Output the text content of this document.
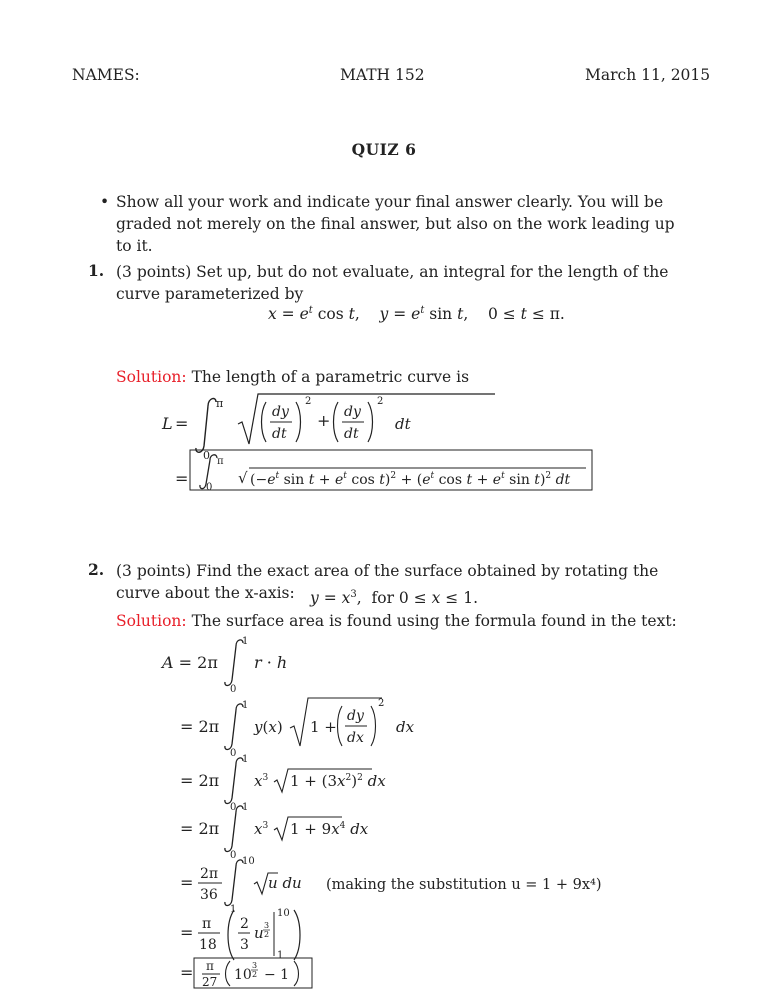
NAMES:	MATH 152	March 11, 2015
QUIZ 6
• Show all your work and indicate your final answer clearly. You will be graded not merely on the final answer, but also on the work leading up to it.
1. (3 points) Set up, but do not evaluate, an integral for the length of the curve parameterized by
$x = e^t$ cos t,    $y = e^t$ sin t,    0 ≤ t ≤ π.
Solution: The length of a parametric curve is
L =
π
0
dy
dt
2
+ dy
dt
2
dt
=
π
√ ($-e^t$ $\sin t + e^t$ $\cos t)^2 + (e^t$ $\cos t + e^t$ sin t)$^2$ dt
0
2. (3 points) Find the exact area of the surface obtained by rotating the curve about the x-axis: $y = x^3$,  for 0 ≤ x ≤ 1.
Solution: The surface area is found using the formula found in the text:
A = 2π
1
0
r · h
= 2π
1
0
y(x) 1 +
dy
dx
2
dx
= 2π
1
0
$x^3$ $1 + (3x^2)^2$ dx
= 2π
1
0
$x^3$ $1 + 9x^4$ dx
= 2π
36
10
1
u du (making the substitution u = 1 + 9x⁴)
= π
18
2
3
u 3
2
10
1
= π
27 10
3
2 − 1
